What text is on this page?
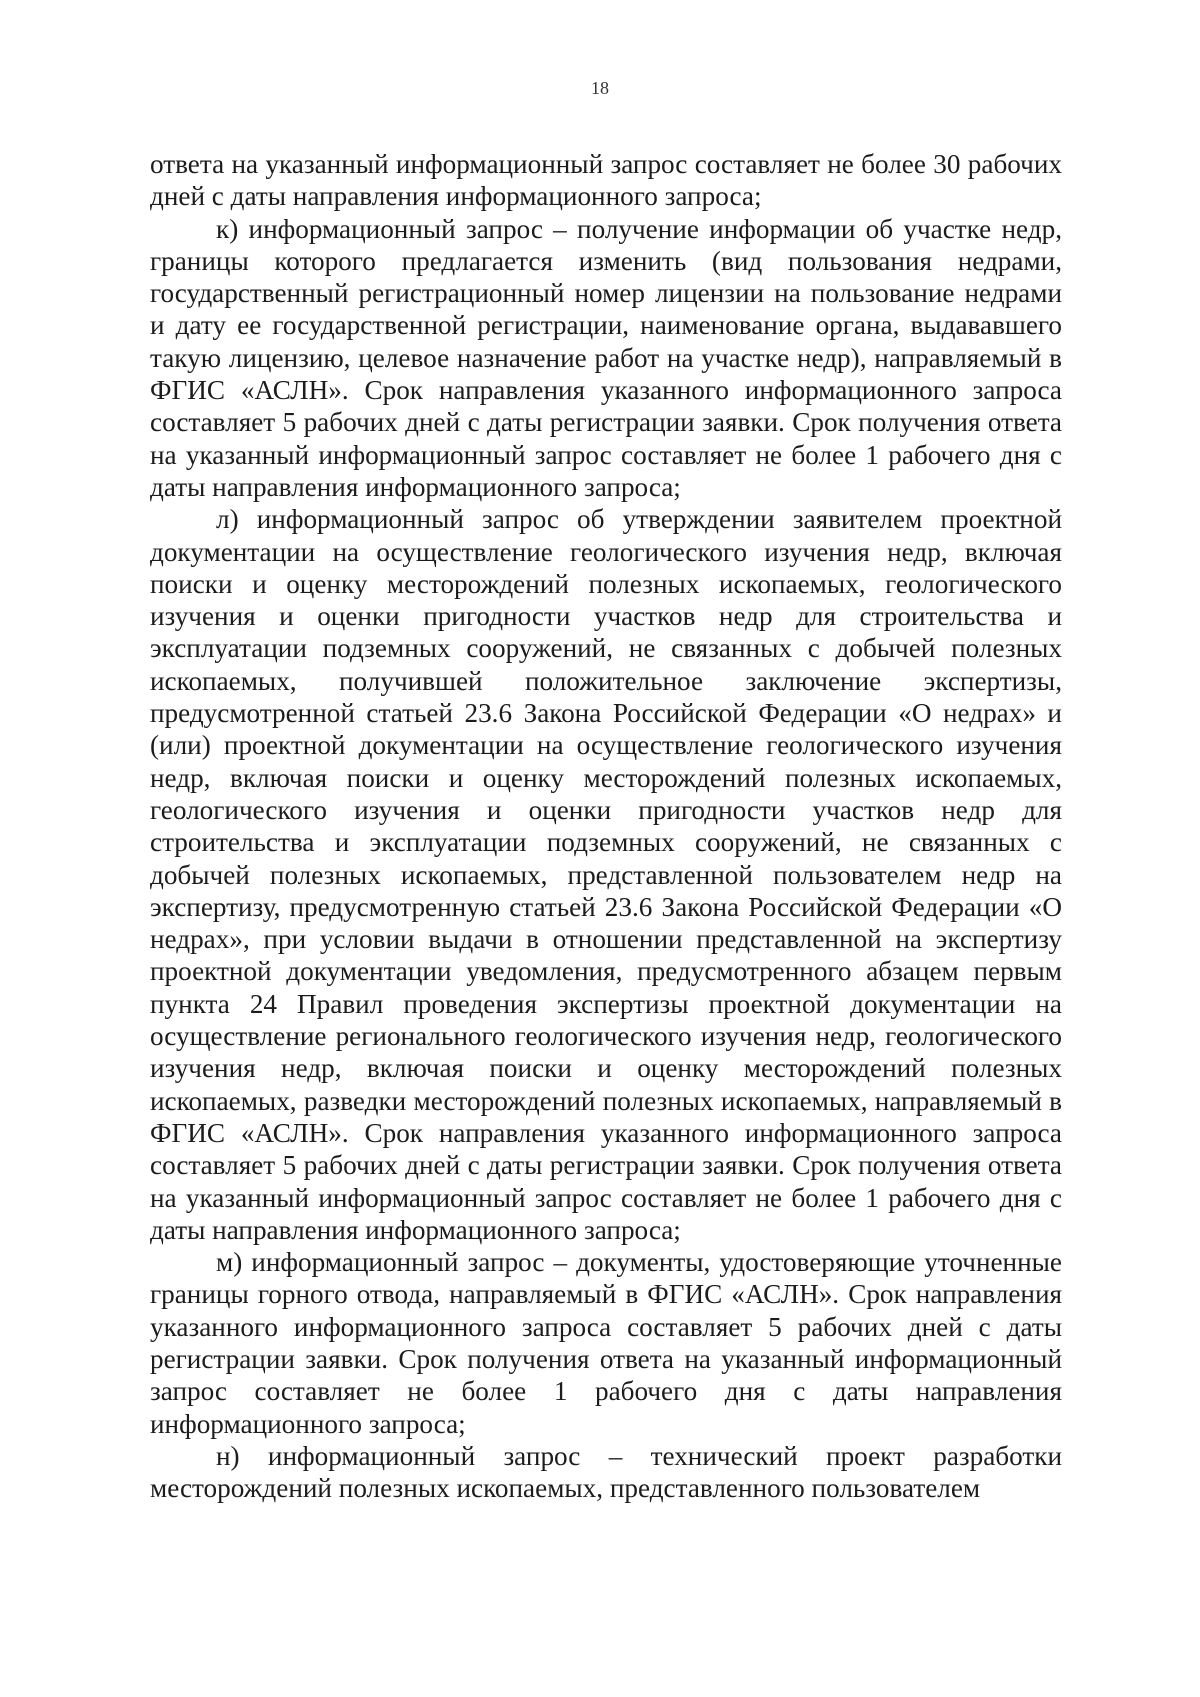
18

ответа на указанный информационный запрос составляет не более 30 рабочих дней с даты направления информационного запроса;

к) информационный запрос – получение информации об участке недр, границы которого предлагается изменить (вид пользования недрами, государственный регистрационный номер лицензии на пользование недрами и дату ее государственной регистрации, наименование органа, выдававшего такую лицензию, целевое назначение работ на участке недр), направляемый в ФГИС «АСЛН». Срок направления указанного информационного запроса составляет 5 рабочих дней с даты регистрации заявки. Срок получения ответа на указанный информационный запрос составляет не более 1 рабочего дня с даты направления информационного запроса;

л) информационный запрос об утверждении заявителем проектной документации на осуществление геологического изучения недр, включая поиски и оценку месторождений полезных ископаемых, геологического изучения и оценки пригодности участков недр для строительства и эксплуатации подземных сооружений, не связанных с добычей полезных ископаемых, получившей положительное заключение экспертизы, предусмотренной статьей 23.6 Закона Российской Федерации «О недрах» и (или) проектной документации на осуществление геологического изучения недр, включая поиски и оценку месторождений полезных ископаемых, геологического изучения и оценки пригодности участков недр для строительства и эксплуатации подземных сооружений, не связанных с добычей полезных ископаемых, представленной пользователем недр на экспертизу, предусмотренную статьей 23.6 Закона Российской Федерации «О недрах», при условии выдачи в отношении представленной на экспертизу проектной документации уведомления, предусмотренного абзацем первым пункта 24 Правил проведения экспертизы проектной документации на осуществление регионального геологического изучения недр, геологического изучения недр, включая поиски и оценку месторождений полезных ископаемых, разведки месторождений полезных ископаемых, направляемый в ФГИС «АСЛН». Срок направления указанного информационного запроса составляет 5 рабочих дней с даты регистрации заявки. Срок получения ответа на указанный информационный запрос составляет не более 1 рабочего дня с даты направления информационного запроса;

м) информационный запрос – документы, удостоверяющие уточненные границы горного отвода, направляемый в ФГИС «АСЛН». Срок направления указанного информационного запроса составляет 5 рабочих дней с даты регистрации заявки. Срок получения ответа на указанный информационный запрос составляет не более 1 рабочего дня с даты направления информационного запроса;

н) информационный запрос – технический проект разработки месторождений полезных ископаемых, представленного пользователем
